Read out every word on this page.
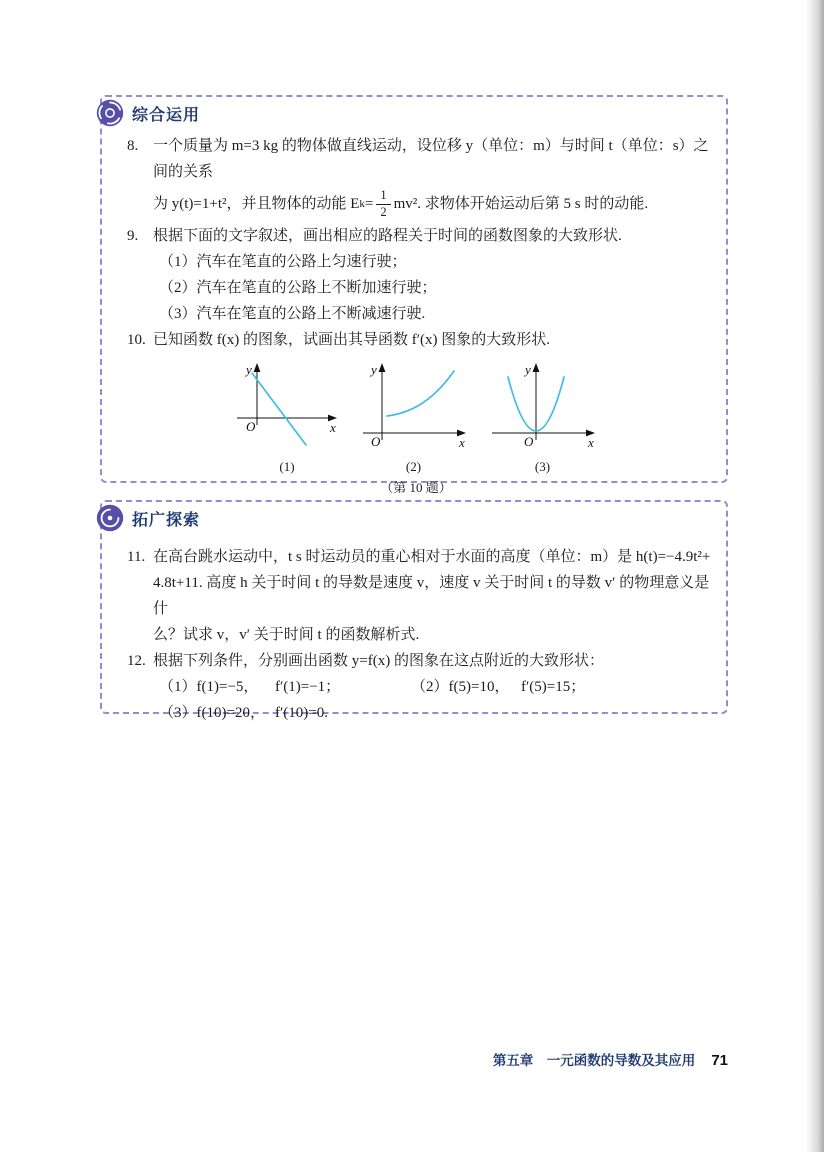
综合运用
8. 一个质量为 m=3 kg 的物体做直线运动，设位移 y（单位：m）与时间 t（单位：s）之间的关系
为 y(t)=1+t²，并且物体的动能 E $k = \frac{1}{2} mv^2$. 求物体开始运动后第 5 s 时的动能.
9. 根据下面的文字叙述，画出相应的路程关于时间的函数图象的大致形状.
（1）汽车在笔直的公路上匀速行驶；
（2）汽车在笔直的公路上不断加速行驶；
（3）汽车在笔直的公路上不断减速行驶.
10. 已知函数 f(x) 的图象，试画出其导函数 f′(x) 图象的大致形状.
y
x
O
y
x
O
y
x
O
(1)	(2)	(3)
（第 10 题）
拓广探索
11. 在高台跳水运动中，t s 时运动员的重心相对于水面的高度（单位：m）是 h(t)=−4.9t²+
4.8t+11. 高度 h 关于时间 t 的导数是速度 v，速度 v 关于时间 t 的导数 v′ 的物理意义是什
么？试求 v，v′ 关于时间 t 的函数解析式.
12. 根据下列条件，分别画出函数 y=f(x) 的图象在这点附近的大致形状：
（1）f(1)=−5， f′(1)=−1；	（2）f(5)=10， f′(5)=15；
（3）f(10)=20， f′(10)=0.
第五章　一元函数的导数及其应用 71
